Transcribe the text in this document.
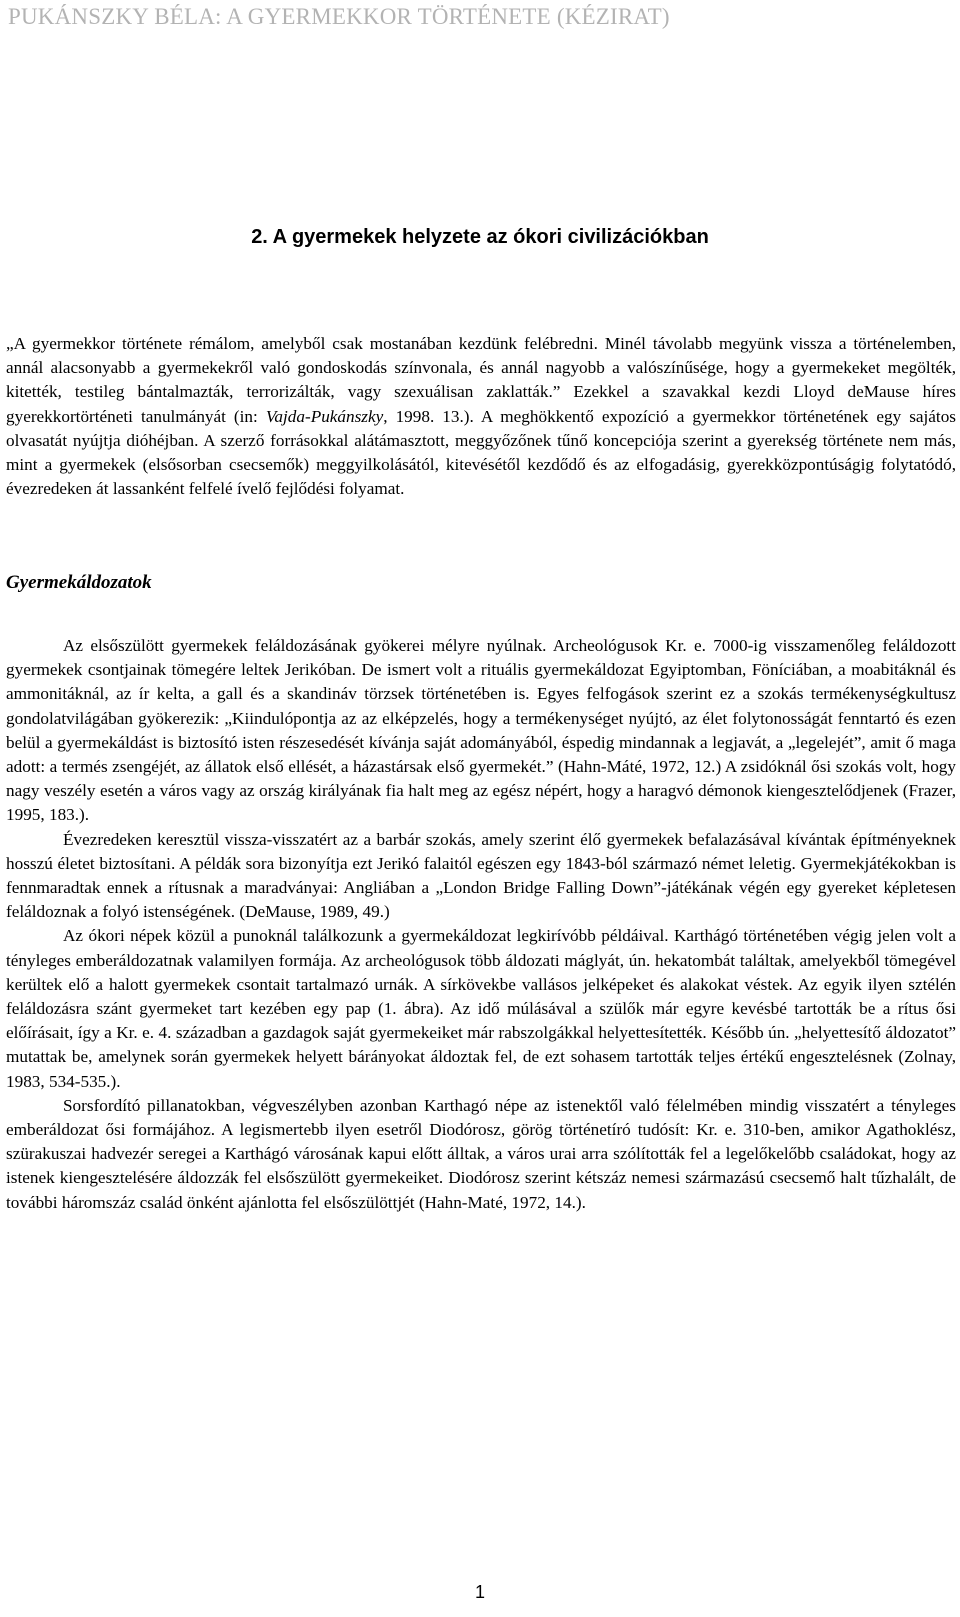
PUKÁNSZKY BÉLA: A GYERMEKKOR TÖRTÉNETE (KÉZIRAT)
2. A gyermekek helyzete az ókori civilizációkban

„A gyermekkor története rémálom, amelyből csak mostanában kezdünk felébredni. Minél távolabb megyünk vissza a történelemben, annál alacsonyabb a gyermekekről való gondoskodás színvonala, és annál nagyobb a valószínűsége, hogy a gyermekeket megölték, kitették, testileg bántalmazták, terrorizálták, vagy szexuálisan zaklatták.” Ezekkel a szavakkal kezdi Lloyd deMause híres gyerekkortörténeti tanulmányát (in: Vajda-Pukánszky, 1998. 13.). A meghökkentő expozíció a gyermekkor történetének egy sajátos olvasatát nyújtja dióhéjban. A szerző forrásokkal alátámasztott, meggyőzőnek tűnő koncepciója szerint a gyerekség története nem más, mint a gyermekek (elsősorban csecsemők) meggyilkolásától, kitevésétől kezdődő és az elfogadásig, gyerekközpontúságig folytatódó, évezredeken át lassanként felfelé ívelő fejlődési folyamat.

Gyermekáldozatok

Az elsőszülött gyermekek feláldozásának gyökerei mélyre nyúlnak. Archeológusok Kr. e. 7000-ig visszamenőleg feláldozott gyermekek csontjainak tömegére leltek Jerikóban. De ismert volt a rituális gyermekáldozat Egyiptomban, Föníciában, a moabitáknál és ammonitáknál, az ír kelta, a gall és a skandináv törzsek történetében is. Egyes felfogások szerint ez a szokás termékenységkultusz gondolatvilágában gyökerezik: „Kiindulópontja az az elképzelés, hogy a termékenységet nyújtó, az élet folytonosságát fenntartó és ezen belül a gyermekáldást is biztosító isten részesedését kívánja saját adományából, éspedig mindannak a legjavát, a „legelejét”, amit ő maga adott: a termés zsengéjét, az állatok első ellését, a házastársak első gyermekét.” (Hahn-Máté, 1972, 12.) A zsidóknál ősi szokás volt, hogy nagy veszély esetén a város vagy az ország királyának fia halt meg az egész népért, hogy a haragvó démonok kiengesztelődjenek (Frazer, 1995, 183.).

Évezredeken keresztül vissza-visszatért az a barbár szokás, amely szerint élő gyermekek befalazásával kívántak építményeknek hosszú életet biztosítani. A példák sora bizonyítja ezt Jerikó falaitól egészen egy 1843-ból származó német leletig. Gyermekjátékokban is fennmaradtak ennek a rítusnak a maradványai: Angliában a „London Bridge Falling Down”-játékának végén egy gyereket képletesen feláldoznak a folyó istenségének. (DeMause, 1989, 49.)

Az ókori népek közül a punoknál találkozunk a gyermekáldozat legkirívóbb példáival. Karthágó történetében végig jelen volt a tényleges emberáldozatnak valamilyen formája. Az archeológusok több áldozati máglyát, ún. hekatombát találtak, amelyekből tömegével kerültek elő a halott gyermekek csontait tartalmazó urnák. A sírkövekbe vallásos jelképeket és alakokat véstek. Az egyik ilyen sztélén feláldozásra szánt gyermeket tart kezében egy pap (1. ábra). Az idő múlásával a szülők már egyre kevésbé tartották be a rítus ősi előírásait, így a Kr. e. 4. században a gazdagok saját gyermekeiket már rabszolgákkal helyettesítették. Később ún. „helyettesítő áldozatot” mutattak be, amelynek során gyermekek helyett bárányokat áldoztak fel, de ezt sohasem tartották teljes értékű engesztelésnek (Zolnay, 1983, 534-535.).

Sorsfordító pillanatokban, végveszélyben azonban Karthagó népe az istenektől való félelmében mindig visszatért a tényleges emberáldozat ősi formájához. A legismertebb ilyen esetről Diodórosz, görög történetíró tudósít: Kr. e. 310-ben, amikor Agathoklész, szürakuszai hadvezér seregei a Karthágó városának kapui előtt álltak, a város urai arra szólították fel a legelőkelőbb családokat, hogy az istenek kiengesztelésére áldozzák fel elsőszülött gyermekeiket. Diodórosz szerint kétszáz nemesi származású csecsemő halt tűzhalált, de további háromszáz család önként ajánlotta fel elsőszülöttjét (Hahn-Maté, 1972, 14.).

1
